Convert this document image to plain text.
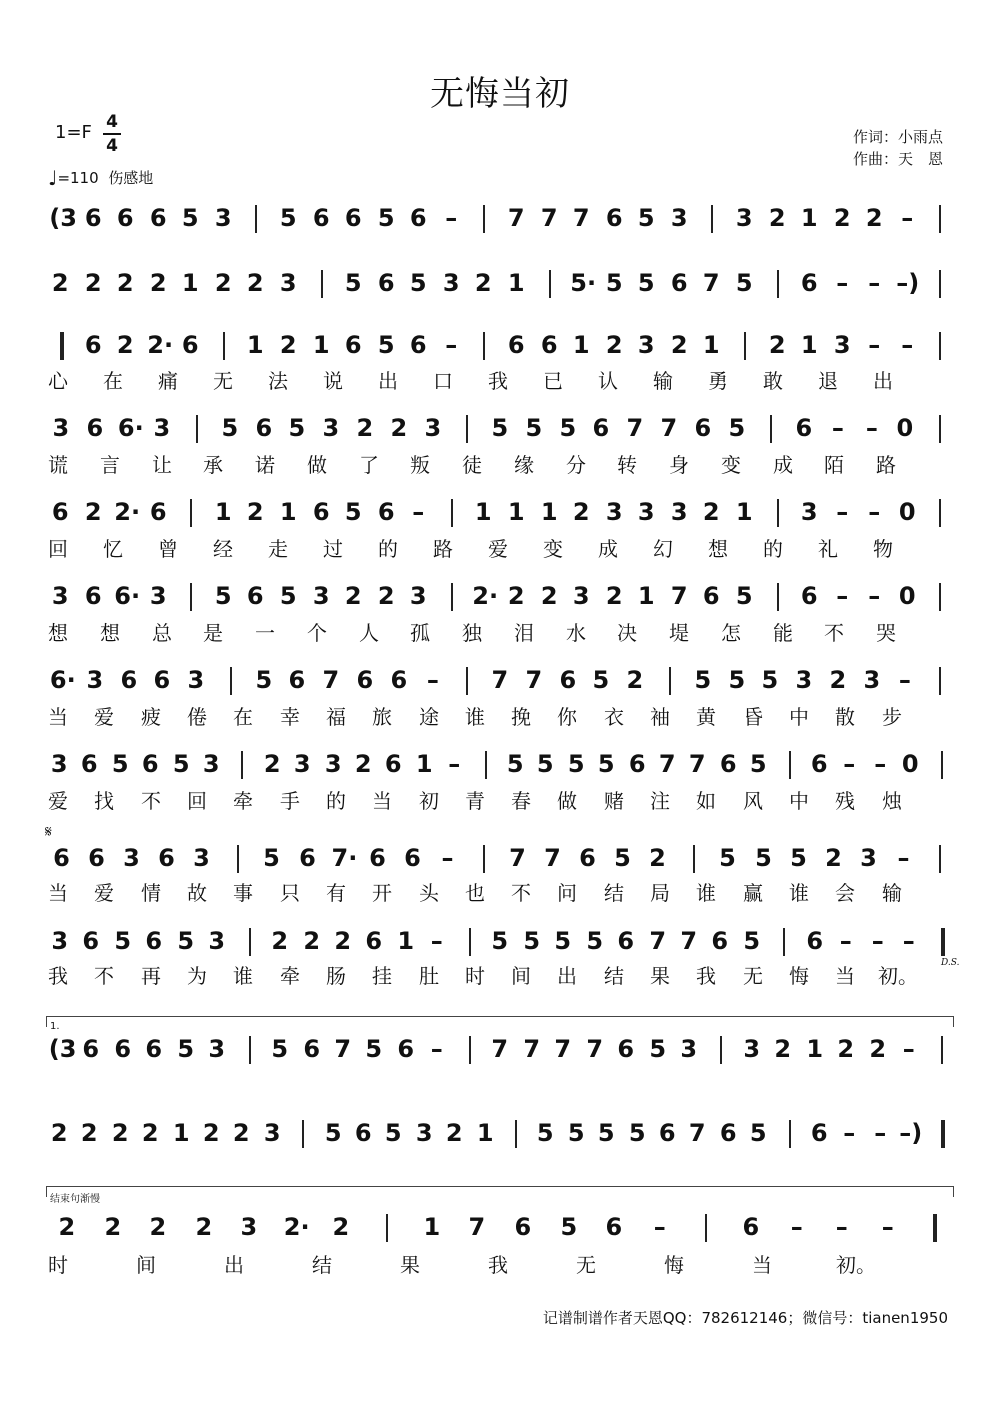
无悔当初
1=F 4
4
♩=110 伤感地
作词：小雨点
作曲：天　恩
𝄋
D.S.
1.
结束句渐慢
(3 6 6 6 5 3 5 6 6 5 6 – 7 7 7 6 5 3 3 2 1 2 2 –
2 2 2 2 1 2 2 3 5 6 5 3 2 1 5· 5 5 6 7 5 6 – – –)
6 2 2· 6 1 2 1 6 5 6 – 6 6 1 2 3 2 1 2 1 3 – –
3 6 6· 3 5 6 5 3 2 2 3 5 5 5 6 7 7 6 5 6 – – 0
6 2 2· 6 1 2 1 6 5 6 – 1 1 1 2 3 3 3 2 1 3 – – 0
3 6 6· 3 5 6 5 3 2 2 3 2· 2 2 3 2 1 7 6 5 6 – – 0
6· 3 6 6 3 5 6 7 6 6 – 7 7 6 5 2 5 5 5 3 2 3 –
3 6 5 6 5 3 2 3 3 2 6 1 – 5 5 5 5 6 7 7 6 5 6 – – 0
6 6 3 6 3 5 6 7· 6 6 – 7 7 6 5 2 5 5 5 2 3 –
3 6 5 6 5 3 2 2 2 6 1 – 5 5 5 5 6 7 7 6 5 6 – – –
(3 6 6 6 5 3 5 6 7 5 6 – 7 7 7 7 6 5 3 3 2 1 2 2 –
2 2 2 2 1 2 2 3 5 6 5 3 2 1 5 5 5 5 6 7 6 5 6 – – –)
2 2 2 2 3 2· 2	1 7 6 5 6 –	6 – – –
心 在 痛 无 法 说 出 口 我 已 认 输 勇 敢 退 出
谎 言 让 承 诺 做 了 叛 徒 缘 分 转 身 变 成 陌 路
回 忆 曾 经 走 过 的 路 爱 变 成 幻 想 的 礼 物
想 想 总 是 一 个 人 孤 独 泪 水 决 堤 怎 能 不 哭
当 爱 疲 倦 在 幸 福 旅 途 谁 挽 你 衣 袖 黄 昏 中 散 步
爱 找 不 回 牵 手 的 当 初 青 春 做 赌 注 如 风 中 残 烛
当 爱 情 故 事 只 有 开 头 也 不 问 结 局 谁 赢 谁 会 输
我 不 再 为 谁 牵 肠 挂 肚 时 间 出 结 果 我 无 悔 当 初。
时	间	出	结	果	我	无	悔	当	初。
记谱制谱作者天恩QQ：782612146；微信号：tianen1950
